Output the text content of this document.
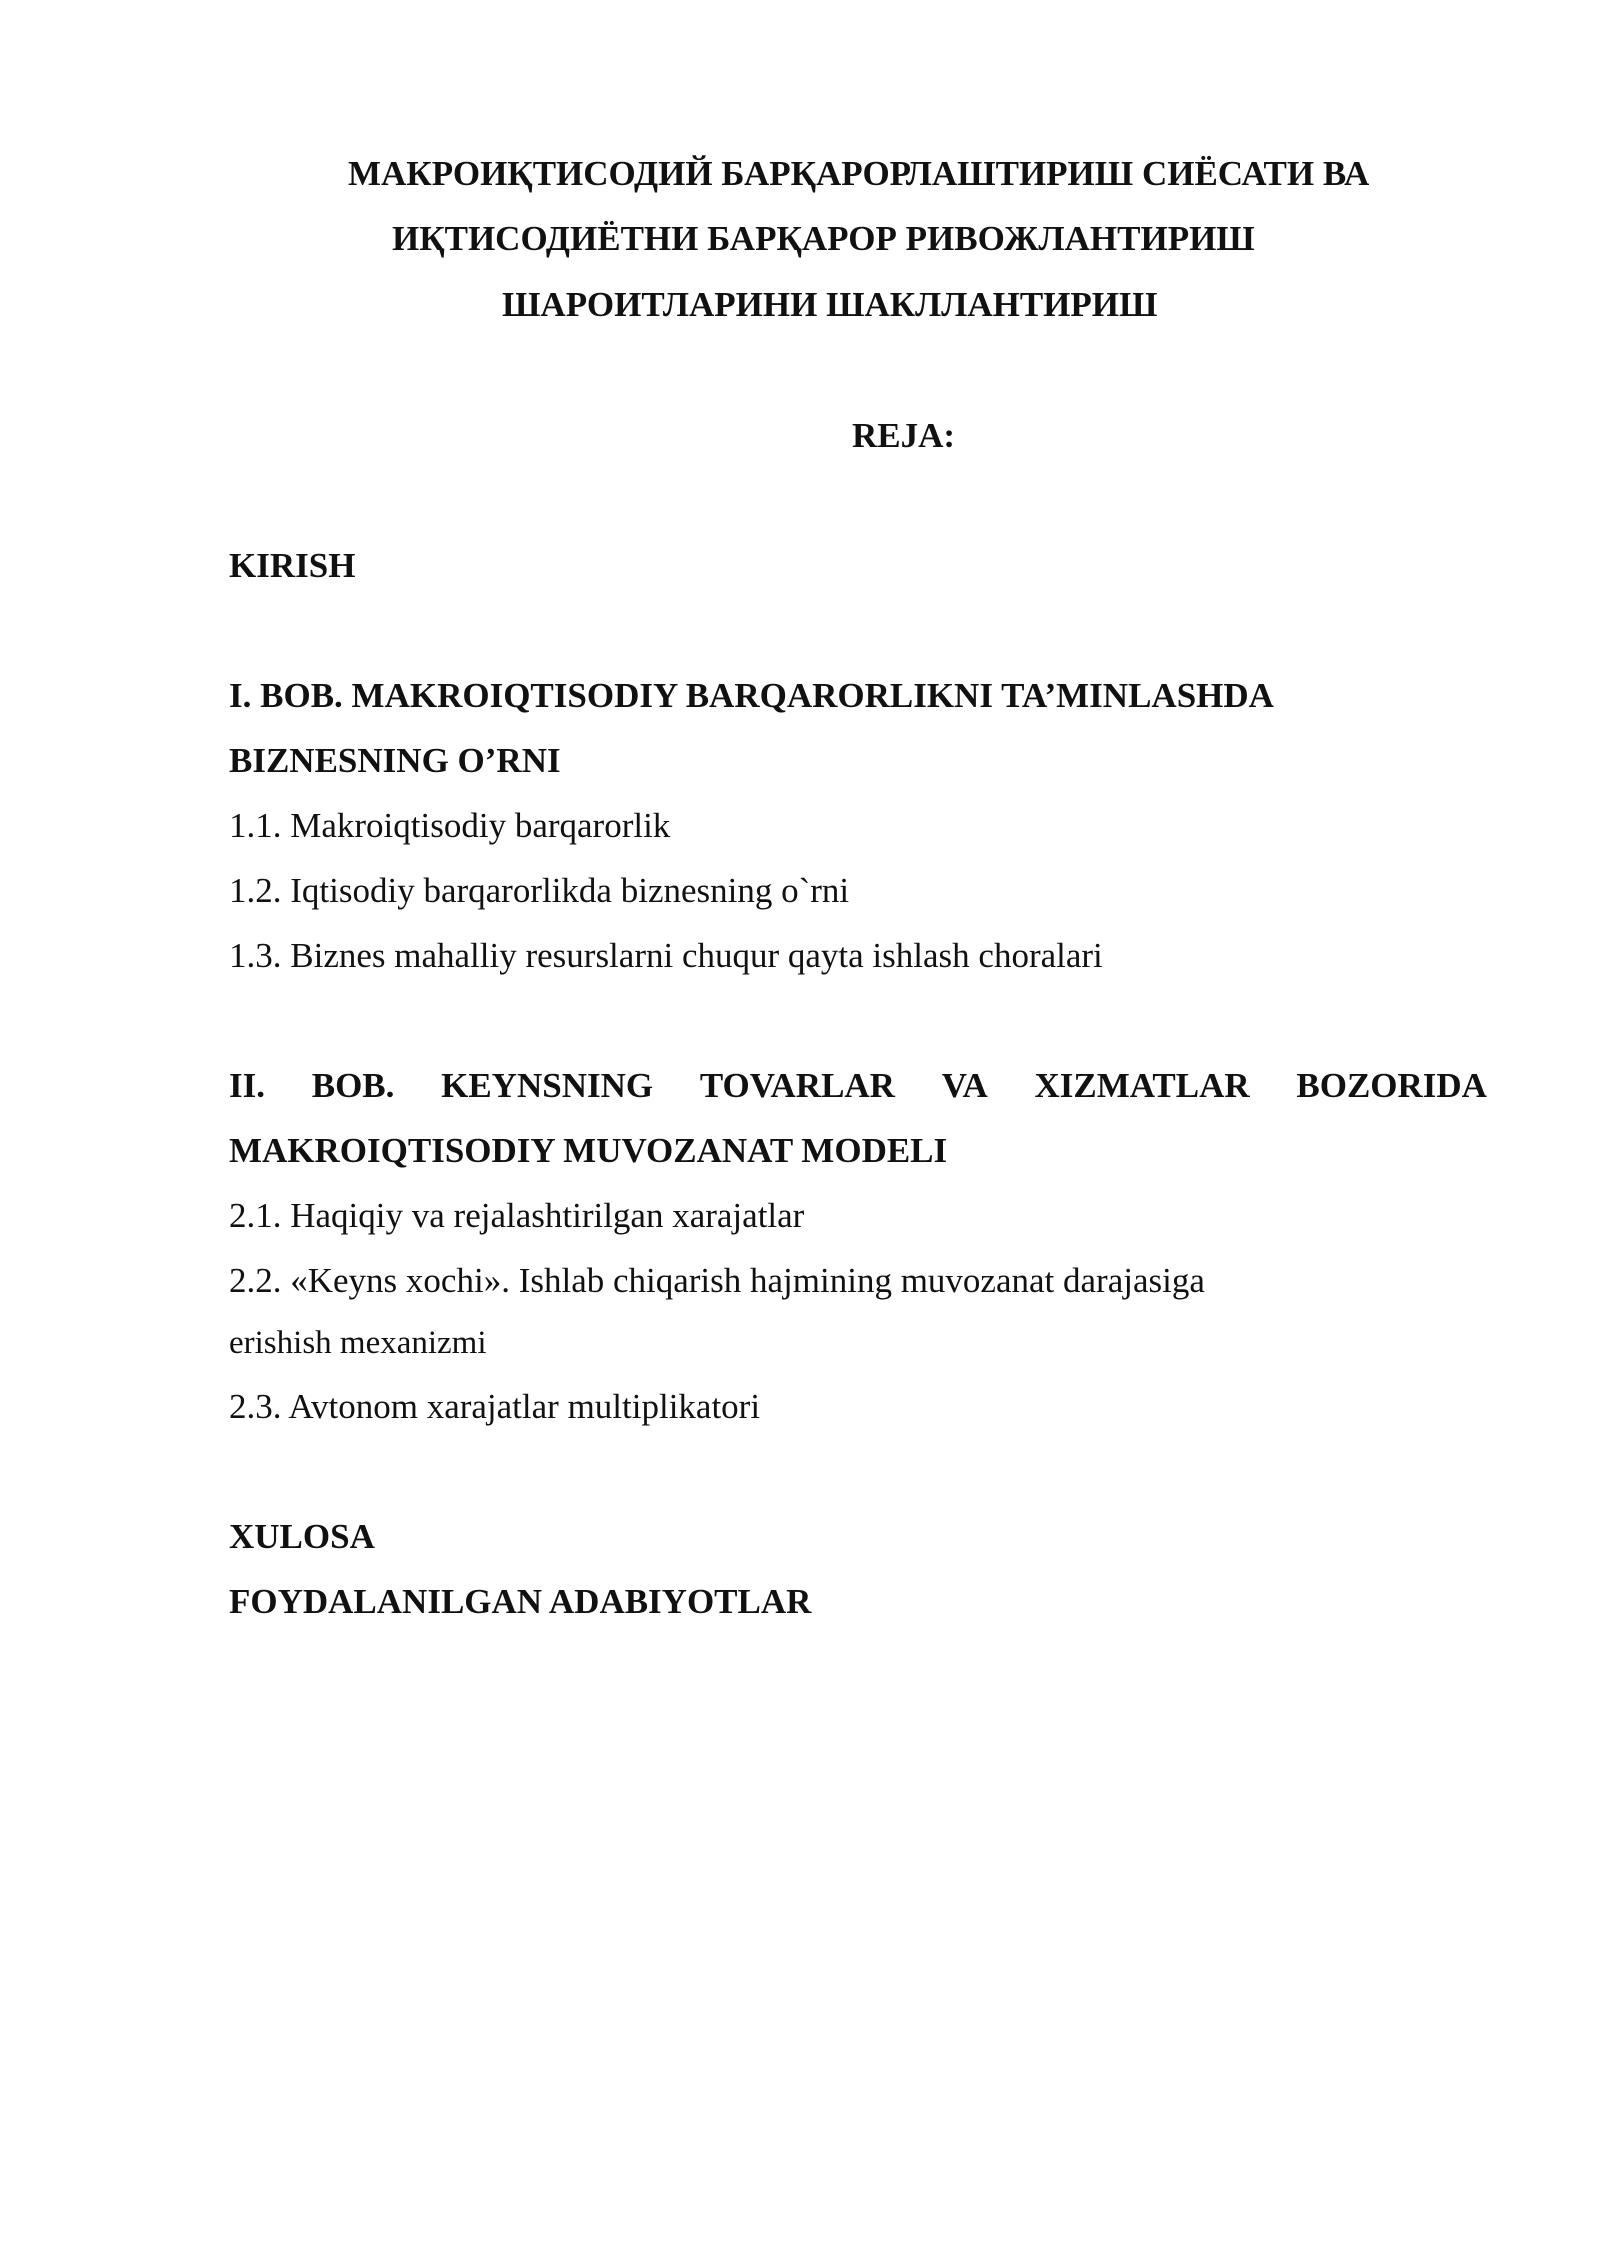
МАКРОИҚТИСОДИЙ БАРҚАРОРЛАШТИРИШ СИЁСАТИ ВА
ИҚТИСОДИЁТНИ БАРҚАРОР РИВОЖЛАНТИРИШ
ШАРОИТЛАРИНИ ШАКЛЛАНТИРИШ
REJA:
KIRISH
I. BOB. MAKROIQTISODIY BARQARORLIKNI TA’MINLASHDA
BIZNESNING O’RNI
1.1. Makroiqtisodiy barqarorlik
1.2. Iqtisodiy barqarorlikda biznesning o`rni
1.3. Biznes mahalliy resurslarni chuqur qayta ishlash choralari
II. BOB. KEYNSNING TOVARLAR VA XIZMATLAR BOZORIDA
MAKROIQTISODIY MUVOZANAT MODELI
2.1. Haqiqiy va rejalashtirilgan xarajatlar
2.2. «Keyns xochi». Ishlab chiqarish hajmining muvozanat darajasiga
erishish mexanizmi
2.3. Avtonom xarajatlar multiplikatori
XULOSA
FOYDALANILGAN ADABIYOTLAR
